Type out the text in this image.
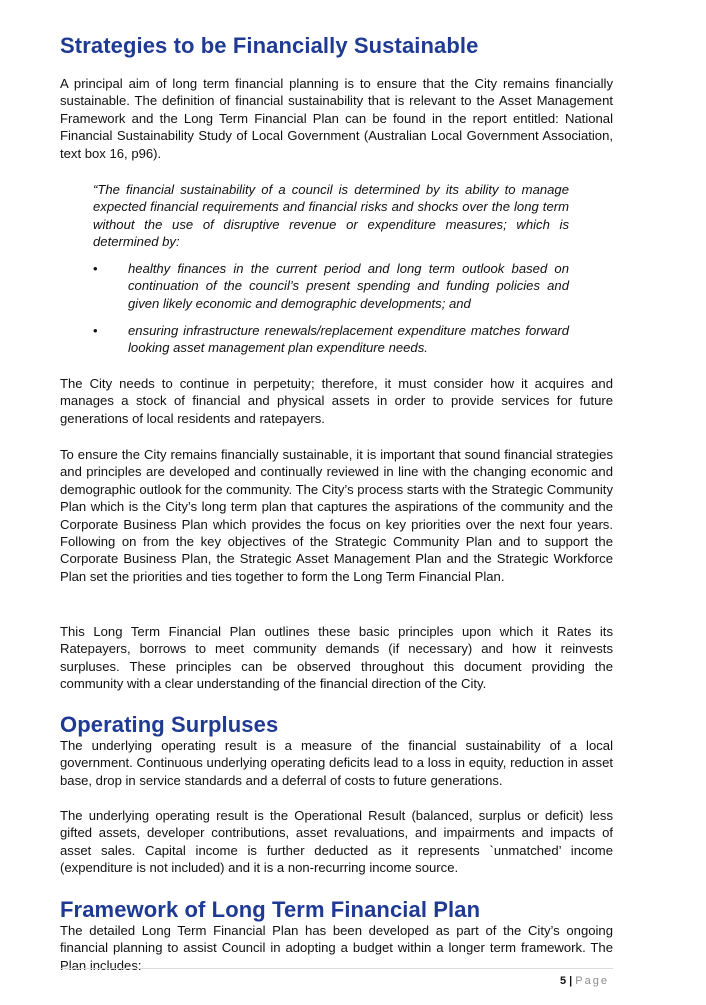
Strategies to be Financially Sustainable

A principal aim of long term financial planning is to ensure that the City remains financially sustainable. The definition of financial sustainability that is relevant to the Asset Management Framework and the Long Term Financial Plan can be found in the report entitled: National Financial Sustainability Study of Local Government (Australian Local Government Association, text box 16, p96).

“The financial sustainability of a council is determined by its ability to manage expected financial requirements and financial risks and shocks over the long term without the use of disruptive revenue or expenditure measures; which is determined by:

• healthy finances in the current period and long term outlook based on continuation of the council’s present spending and funding policies and given likely economic and demographic developments; and

• ensuring infrastructure renewals/replacement expenditure matches forward looking asset management plan expenditure needs.

The City needs to continue in perpetuity; therefore, it must consider how it acquires and manages a stock of financial and physical assets in order to provide services for future generations of local residents and ratepayers.

To ensure the City remains financially sustainable, it is important that sound financial strategies and principles are developed and continually reviewed in line with the changing economic and demographic outlook for the community. The City’s process starts with the Strategic Community Plan which is the City’s long term plan that captures the aspirations of the community and the Corporate Business Plan which provides the focus on key priorities over the next four years. Following on from the key objectives of the Strategic Community Plan and to support the Corporate Business Plan, the Strategic Asset Management Plan and the Strategic Workforce Plan set the priorities and ties together to form the Long Term Financial Plan.

This Long Term Financial Plan outlines these basic principles upon which it Rates its Ratepayers, borrows to meet community demands (if necessary) and how it reinvests surpluses. These principles can be observed throughout this document providing the community with a clear understanding of the financial direction of the City.

Operating Surpluses

The underlying operating result is a measure of the financial sustainability of a local government. Continuous underlying operating deficits lead to a loss in equity, reduction in asset base, drop in service standards and a deferral of costs to future generations.

The underlying operating result is the Operational Result (balanced, surplus or deficit) less gifted assets, developer contributions, asset revaluations, and impairments and impacts of asset sales. Capital income is further deducted as it represents `unmatched’ income (expenditure is not included) and it is a non-recurring income source.

Framework of Long Term Financial Plan

The detailed Long Term Financial Plan has been developed as part of the City’s ongoing financial planning to assist Council in adopting a budget within a longer term framework. The Plan includes:

5 | Page
